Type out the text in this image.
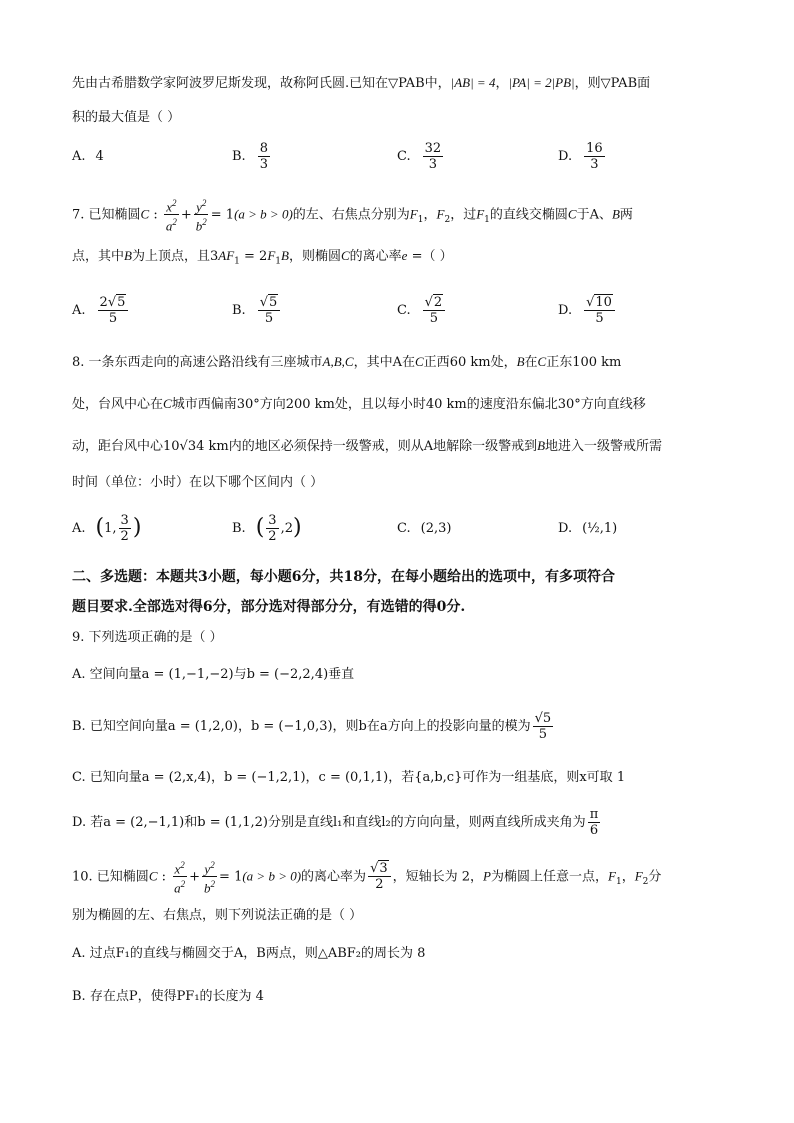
先由古希腊数学家阿波罗尼斯发现，故称阿氏圆.已知在▽PAB中，|AB| = 4，|PA| = 2|PB|，则▽PAB面
积的最大值是（ ）
A. 4	B. $\frac{8}{3}$	C. $\frac{32}{3}$	D. $\frac{16}{3}$
7. 已知椭圆C : $\frac{x^2}{a^2} + \frac{y^2}{b^2} = 1(a > b > 0)$的左、右焦点分别为$F_1$，$F_2$，过$F_1$的直线交椭圆C于A、B两
点，其中B为上顶点，且$3AF_1 = 2F_1B$，则椭圆C的离心率e =（ ）
A. $\frac{2√5}{5}$	B. $\frac{√5}{5}$	C. $\frac{√2}{5}$	D. $\frac{√10}{5}$
8. 一条东西走向的高速公路沿线有三座城市A,B,C，其中A在C正西60 km处，B在C正东100 km
处，台风中心在C城市西偏南30°方向200 km处，且以每小时40 km的速度沿东偏北30°方向直线移
动，距台风中心10√34 km内的地区必须保持一级警戒，则从A地解除一级警戒到B地进入一级警戒所需
时间（单位：小时）在以下哪个区间内（ ）
A. ( 1, $\frac{3}{2}$ )	B. ( $\frac{3}{2} ,2$ )	C. (2,3)	D. (½,1)
二、多选题：本题共3小题，每小题6分，共18分，在每小题给出的选项中，有多项符合
题目要求.全部选对得6分，部分选对得部分分，有选错的得0分.
9. 下列选项正确的是（ ）
A. 空间向量a = (1,−1,−2)与b = (−2,2,4)垂直
B. 已知空间向量a = (1,2,0)，b = (−1,0,3)，则b在a方向上的投影向量的模为 $\frac{√5}{5}$
C. 已知向量a = (2,x,4)，b = (−1,2,1)，c = (0,1,1)，若{a,b,c}可作为一组基底，则x可取 1
D. 若a = (2,−1,1)和b = (1,1,2)分别是直线l₁和直线l₂的方向向量，则两直线所成夹角为 $\frac{\pi}{6}$
10. 已知椭圆C : $\frac{x^2}{a^2} + \frac{y^2}{b^2} = 1(a > b > 0)$的离心率为 $\frac{√3}{2}$ ，短轴长为 2，P为椭圆上任意一点，$F_1$，$F_2$分
别为椭圆的左、右焦点，则下列说法正确的是（ ）
A. 过点F₁的直线与椭圆交于A，B两点，则△ABF₂的周长为 8
B. 存在点P，使得PF₁的长度为 4
